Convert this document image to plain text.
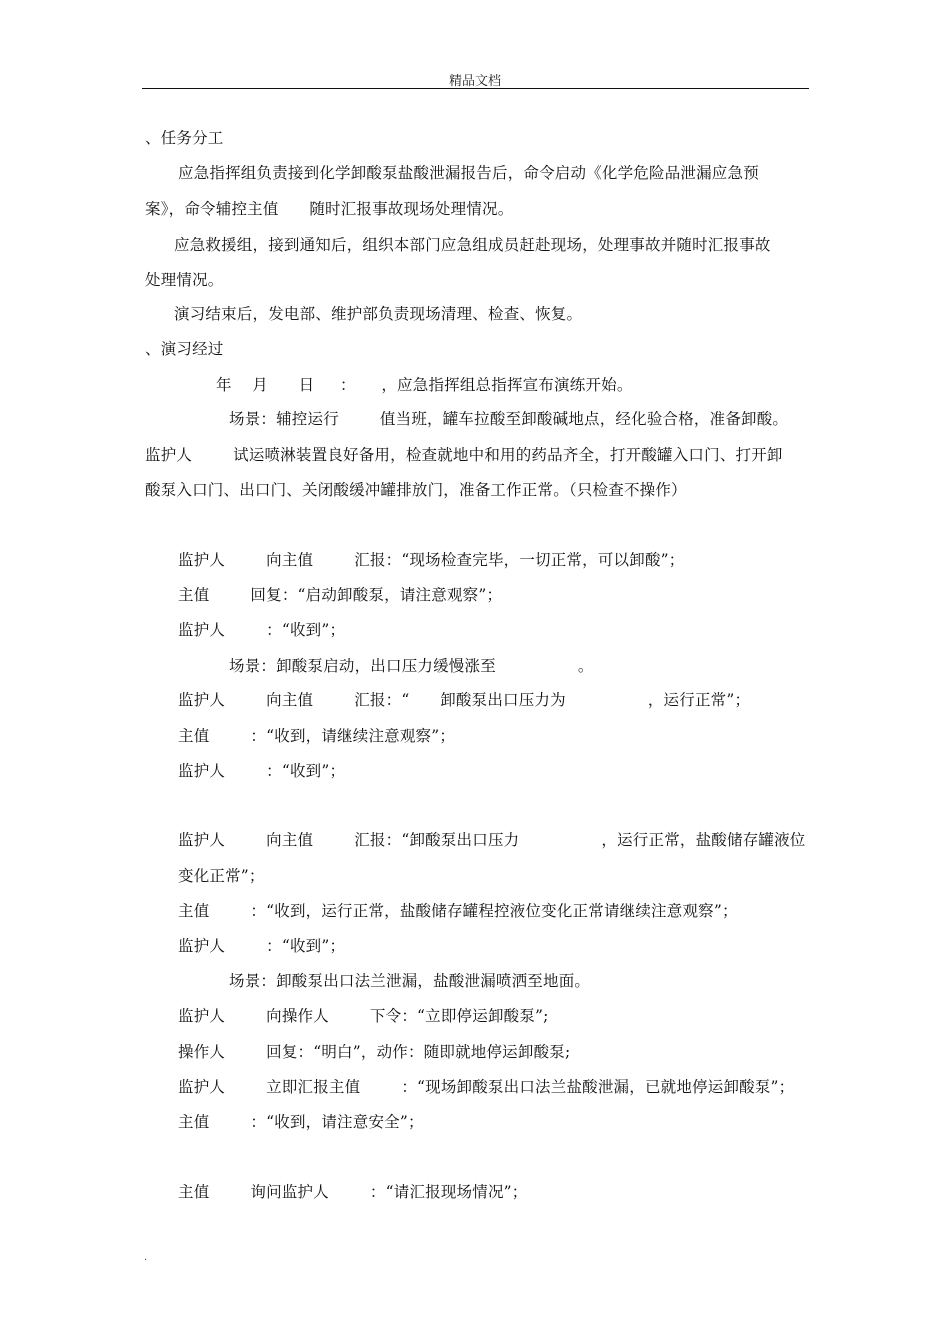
精品文档
、任务分工
应急指挥组负责接到化学卸酸泵盐酸泄漏报告后，命令启动《化学危险品泄漏应急预
案》，命令辅控主值      随时汇报事故现场处理情况。
应急救援组，接到通知后，组织本部门应急组成员赶赴现场，处理事故并随时汇报事故
处理情况。
演习结束后，发电部、维护部负责现场清理、检查、恢复。
、演习经过
年    月      日     ：     ，应急指挥组总指挥宣布演练开始。
场景：辅控运行        值当班，罐车拉酸至卸酸碱地点，经化验合格，准备卸酸。
监护人        试运喷淋装置良好备用，检查就地中和用的药品齐全，打开酸罐入口门、打开卸
酸泵入口门、出口门、关闭酸缓冲罐排放门，准备工作正常。（只检查不操作）
监护人        向主值        汇报：“现场检查完毕，一切正常，可以卸酸”；
主值        回复：“启动卸酸泵，请注意观察”；
监护人        ：“收到”；
场景：卸酸泵启动，出口压力缓慢涨至                。
监护人        向主值        汇报：“      卸酸泵出口压力为                ，运行正常”；
主值        ：“收到，请继续注意观察”；
监护人        ：“收到”；
监护人        向主值        汇报：“卸酸泵出口压力                ，运行正常，盐酸储存罐液位
变化正常”；
主值        ：“收到，运行正常，盐酸储存罐程控液位变化正常请继续注意观察”；
监护人        ：“收到”；
场景：卸酸泵出口法兰泄漏，盐酸泄漏喷洒至地面。
监护人        向操作人        下令：“立即停运卸酸泵”;
操作人        回复：“明白”，动作：随即就地停运卸酸泵;
监护人        立即汇报主值        ：“现场卸酸泵出口法兰盐酸泄漏，已就地停运卸酸泵”；
主值        ：“收到，请注意安全”；
主值        询问监护人        ：“请汇报现场情况”；
.
